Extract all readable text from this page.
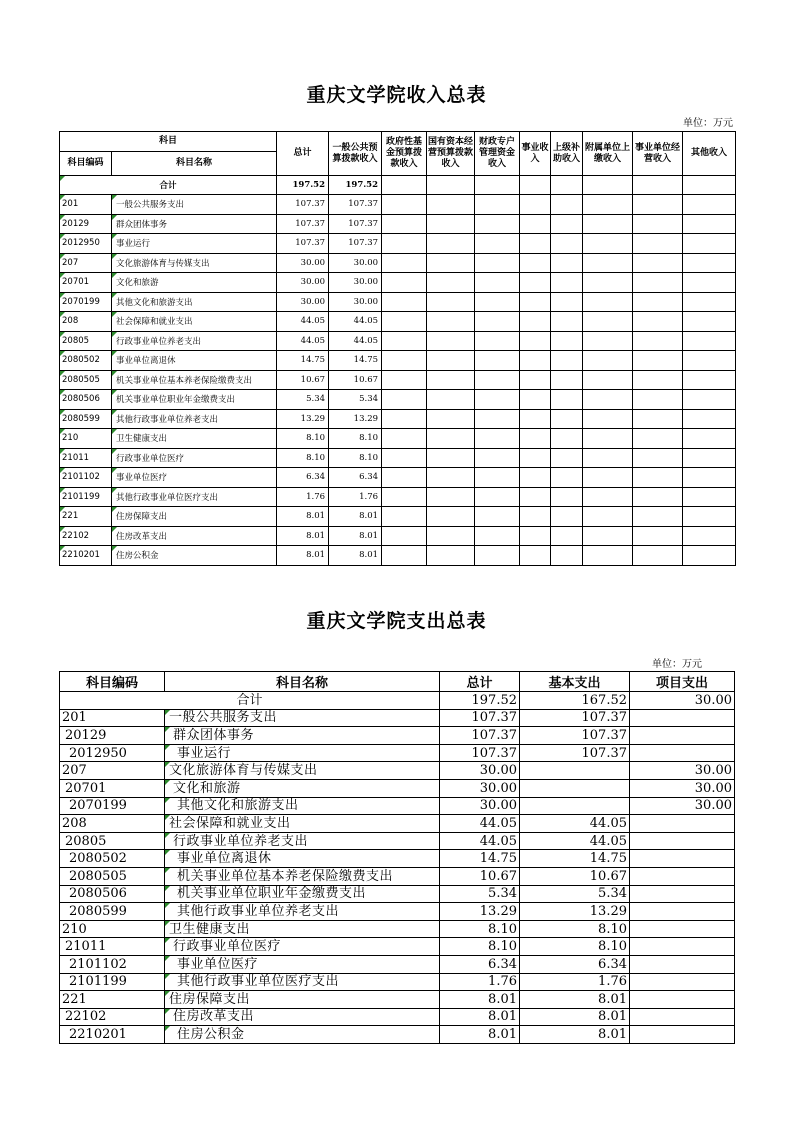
重庆文学院收入总表
单位：万元
科目		总计	一般公共预算拨款收入	政府性基金预算拨款收入	国有资本经营预算拨款收入	财政专户管理资金收入	事业收入	上级补助收入	附属单位上缴收入	事业单位经营收入	其他收入
科目编码	科目名称										
合计		197.52	197.52								
201	一般公共服务支出	107.37	107.37								
20129	群众团体事务	107.37	107.37								
2012950	事业运行	107.37	107.37								
207	文化旅游体育与传媒支出	30.00	30.00								
20701	文化和旅游	30.00	30.00								
2070199	其他文化和旅游支出	30.00	30.00								
208	社会保障和就业支出	44.05	44.05								
20805	行政事业单位养老支出	44.05	44.05								
2080502	事业单位离退休	14.75	14.75								
2080505	机关事业单位基本养老保险缴费支出	10.67	10.67								
2080506	机关事业单位职业年金缴费支出	5.34	5.34								
2080599	其他行政事业单位养老支出	13.29	13.29								
210	卫生健康支出	8.10	8.10								
21011	行政事业单位医疗	8.10	8.10								
2101102	事业单位医疗	6.34	6.34								
2101199	其他行政事业单位医疗支出	1.76	1.76								
221	住房保障支出	8.01	8.01								
22102	住房改革支出	8.01	8.01								
2210201	住房公积金	8.01	8.01								
重庆文学院支出总表
单位：万元
科目编码	科目名称	总计	基本支出	项目支出
合计		197.52	167.52	30.00
201	一般公共服务支出	107.37	107.37	
20129	群众团体事务	107.37	107.37	
2012950	事业运行	107.37	107.37	
207	文化旅游体育与传媒支出	30.00		30.00
20701	文化和旅游	30.00		30.00
2070199	其他文化和旅游支出	30.00		30.00
208	社会保障和就业支出	44.05	44.05	
20805	行政事业单位养老支出	44.05	44.05	
2080502	事业单位离退休	14.75	14.75	
2080505	机关事业单位基本养老保险缴费支出	10.67	10.67	
2080506	机关事业单位职业年金缴费支出	5.34	5.34	
2080599	其他行政事业单位养老支出	13.29	13.29	
210	卫生健康支出	8.10	8.10	
21011	行政事业单位医疗	8.10	8.10	
2101102	事业单位医疗	6.34	6.34	
2101199	其他行政事业单位医疗支出	1.76	1.76	
221	住房保障支出	8.01	8.01	
22102	住房改革支出	8.01	8.01	
2210201	住房公积金	8.01	8.01	
